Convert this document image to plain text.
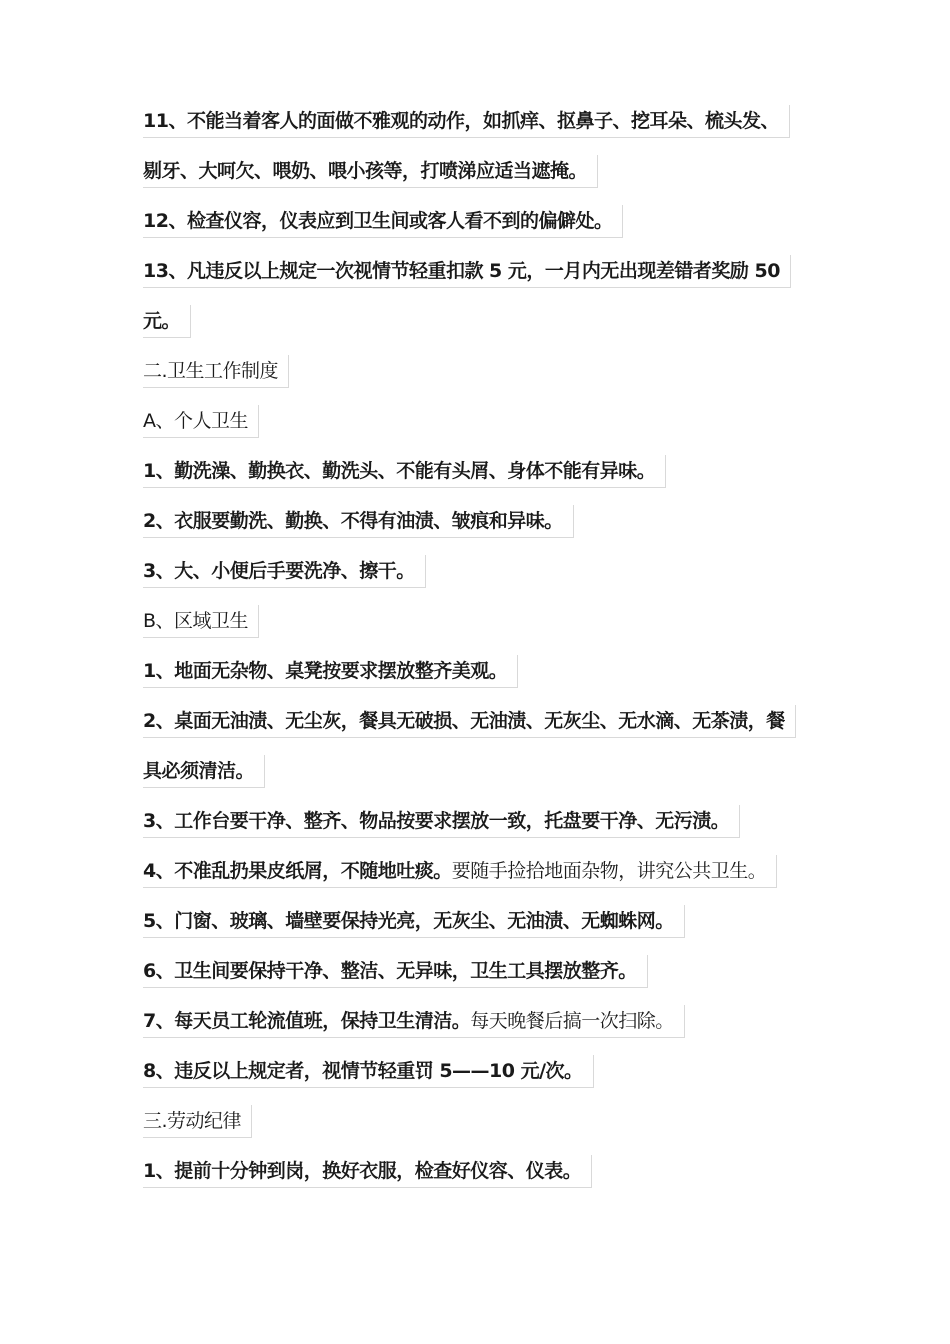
11、不能当着客人的面做不雅观的动作，如抓痒、抠鼻子、挖耳朵、梳头发、
剔牙、大呵欠、喂奶、喂小孩等，打喷涕应适当遮掩。
12、检查仪容，仪表应到卫生间或客人看不到的偏僻处。
13、凡违反以上规定一次视情节轻重扣款 5 元，一月内无出现差错者奖励 50
元。
二.卫生工作制度
A、个人卫生
1、勤洗澡、勤换衣、勤洗头、不能有头屑、身体不能有异味。
2、衣服要勤洗、勤换、不得有油渍、皱痕和异味。
3、大、小便后手要洗净、擦干。
B、区域卫生
1、地面无杂物、桌凳按要求摆放整齐美观。
2、桌面无油渍、无尘灰，餐具无破损、无油渍、无灰尘、无水滴、无茶渍，餐
具必须清洁。
3、工作台要干净、整齐、物品按要求摆放一致，托盘要干净、无污渍。
4、不准乱扔果皮纸屑，不随地吐痰。要随手捡拾地面杂物，讲究公共卫生。
5、门窗、玻璃、墙壁要保持光亮，无灰尘、无油渍、无蜘蛛网。
6、卫生间要保持干净、整洁、无异味，卫生工具摆放整齐。
7、每天员工轮流值班，保持卫生清洁。每天晚餐后搞一次扫除。
8、违反以上规定者，视情节轻重罚 5——10 元/次。
三.劳动纪律
1、提前十分钟到岗，换好衣服，检查好仪容、仪表。
